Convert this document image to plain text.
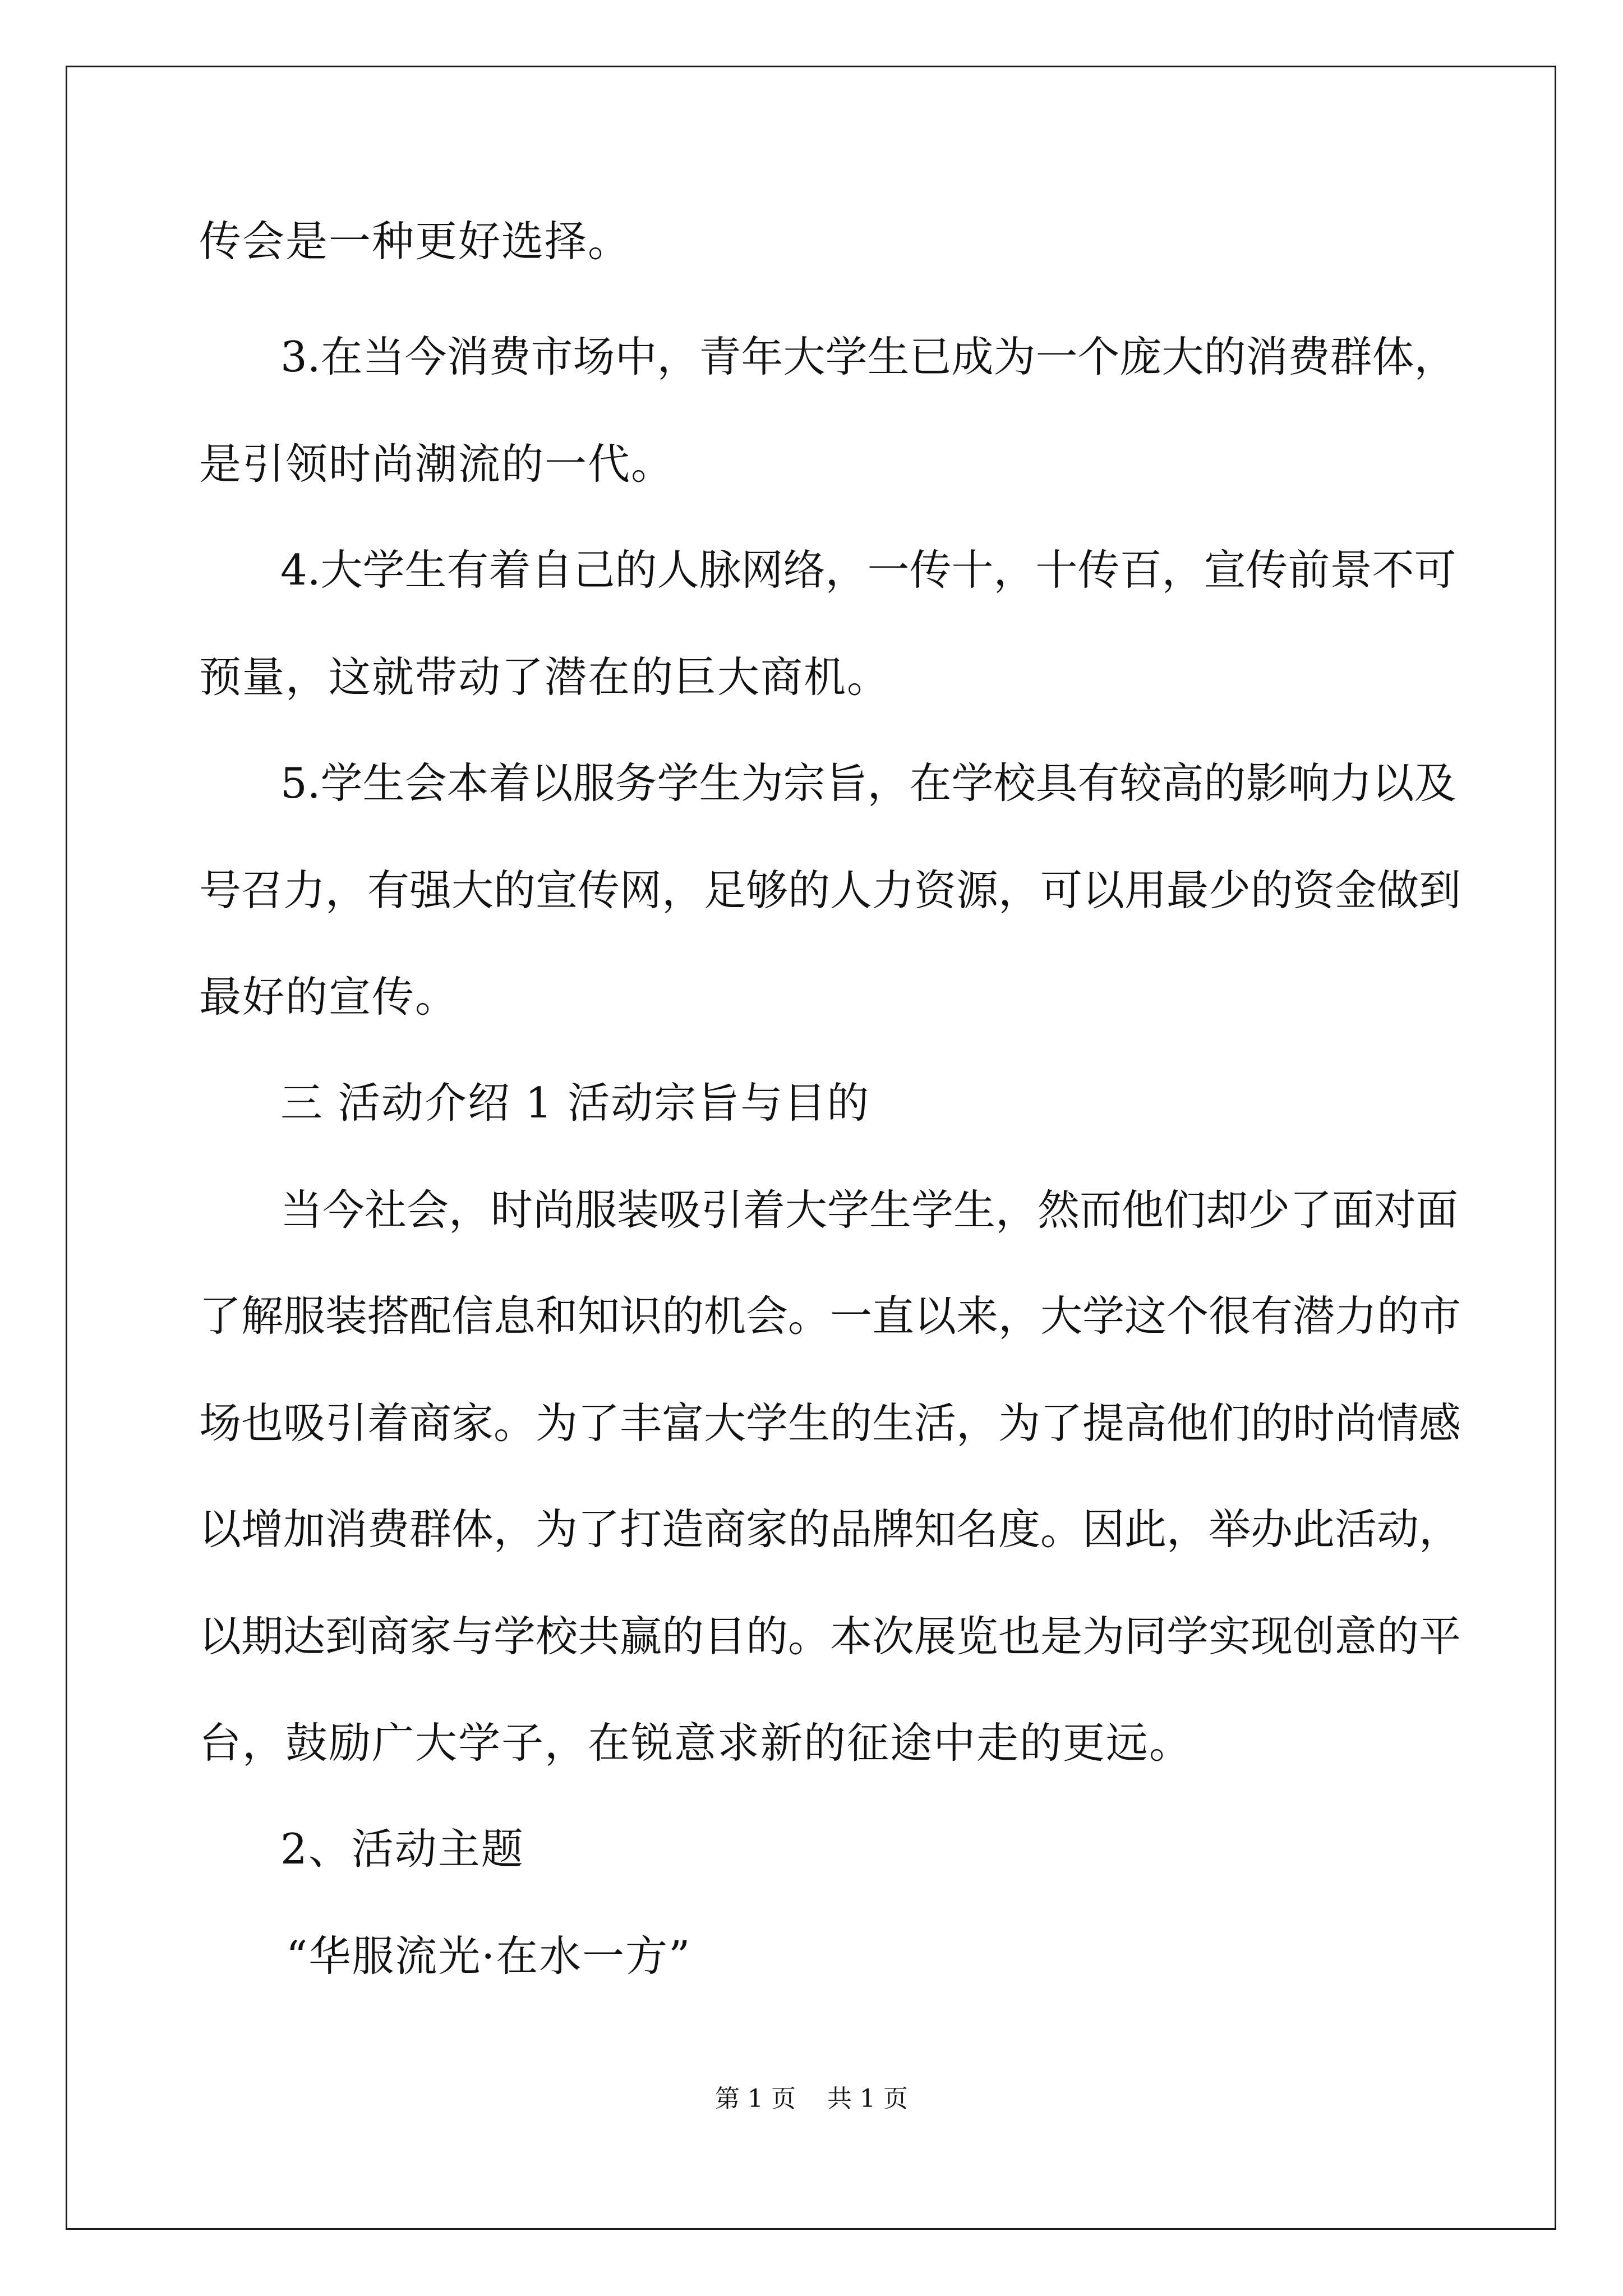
传会是一种更好选择。
3.在当今消费市场中，青年大学生已成为一个庞大的消费群体，
是引领时尚潮流的一代。
4.大学生有着自己的人脉网络，一传十，十传百，宣传前景不可
预量，这就带动了潜在的巨大商机。
5.学生会本着以服务学生为宗旨，在学校具有较高的影响力以及
号召力，有强大的宣传网，足够的人力资源，可以用最少的资金做到
最好的宣传。
三 活动介绍 1 活动宗旨与目的
当今社会，时尚服装吸引着大学生学生，然而他们却少了面对面
了解服装搭配信息和知识的机会。一直以来，大学这个很有潜力的市
场也吸引着商家。为了丰富大学生的生活，为了提高他们的时尚情感
以增加消费群体，为了打造商家的品牌知名度。因此，举办此活动，
以期达到商家与学校共赢的目的。本次展览也是为同学实现创意的平
台，鼓励广大学子，在锐意求新的征途中走的更远。
2、活动主题
“华服流光·在水一方”
第 1 页    共 1 页
